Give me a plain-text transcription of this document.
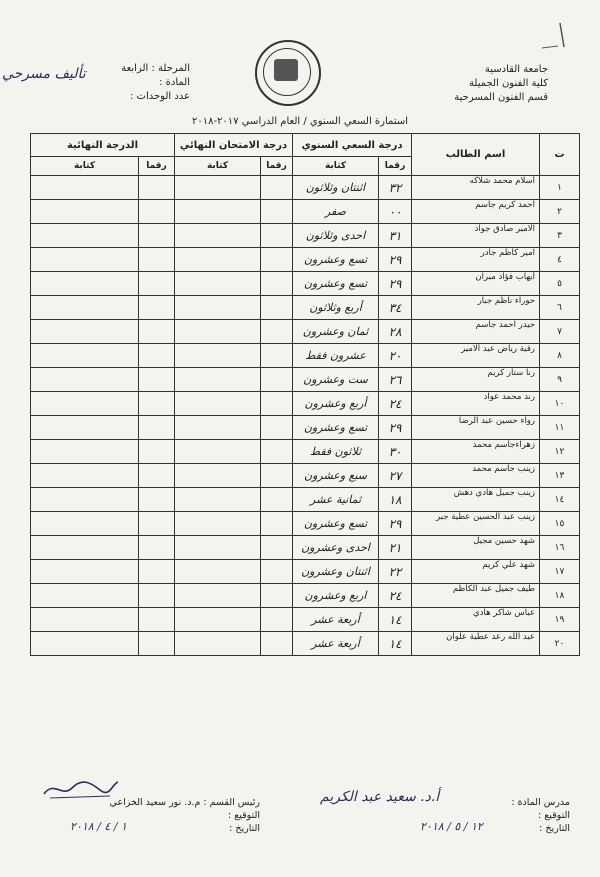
جامعة القادسية
كلية الفنون الجميلة
قسم الفنون المسرحية
المرحلة : الرابعة
المادة :
عدد الوحدات :
تأليف مسرحي
استمارة السعي السنوي / العام الدراسي ٢٠١٧-٢٠١٨
ت	اسم الطالب	درجة السعي السنوي		درجة الامتحان النهائي		الدرجة النهائية	
		رقما	كتابة	رقما	كتابة	رقما	كتابة
١	أسلام محمد شلاكه	٣٢	اثنتان وثلاثون				
٢	احمد كريم جاسم	٠٠	صفر				
٣	الامير صادق جواد	٣١	احدى وثلاثون				
٤	امير كاظم جادر	٢٩	تسع وعشرون				
٥	أيهاب فؤاد ميران	٢٩	تسع وعشرون				
٦	حوراء ناظم جبار	٣٤	أربع وثلاثون				
٧	حيدر احمد جاسم	٢٨	ثمان وعشرون				
٨	رقية رياض عبد الامير	٢٠	عشرون فقط				
٩	رنا ستار كريم	٢٦	ست وعشرون				
١٠	رند محمد عواد	٢٤	أربع وعشرون				
١١	رواء حسين عبد الرضا	٢٩	تسع وعشرون				
١٢	زهراءجاسم محمد	٣٠	ثلاثون فقط				
١٣	زينب جاسم محمد	٢٧	سبع وعشرون				
١٤	زينب جميل هادي دهش	١٨	ثمانية عشر				
١٥	زينب عبد الحسين عطية جبر	٢٩	تسع وعشرون				
١٦	شهد حسين مجيل	٢١	احدى وعشرون				
١٧	شهد علي كريم	٢٢	اثنتان وعشرون				
١٨	طيف جميل عبد الكاظم	٢٤	اربع وعشرون				
١٩	عباس شاكر هادي	١٤	أربعة عشر				
٢٠	عبد الله رعد عطية علوان	١٤	أربعة عشر				
مدرس المادة :
التوقيع :
التاريخ :
أ.د. سعيد عبد الكريم
١٢ / ٥ / ٢٠١٨
رئيس القسم : م.د. نور سعيد الخزاعي
التوقيع :
التاريخ :
١ / ٤ / ٢٠١٨
